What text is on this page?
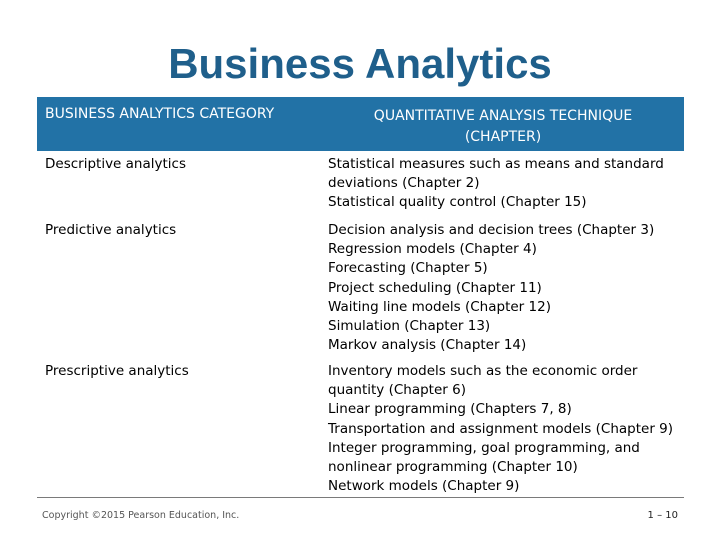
Business Analytics
BUSINESS ANALYTICS CATEGORY	QUANTITATIVE ANALYSIS TECHNIQUE
(CHAPTER)
Descriptive analytics	Statistical measures such as means and standard
deviations (Chapter 2)
Statistical quality control (Chapter 15)
Predictive analytics	Decision analysis and decision trees (Chapter 3)
Regression models (Chapter 4)
Forecasting (Chapter 5)
Project scheduling (Chapter 11)
Waiting line models (Chapter 12)
Simulation (Chapter 13)
Markov analysis (Chapter 14)
Prescriptive analytics	Inventory models such as the economic order
quantity (Chapter 6)
Linear programming (Chapters 7, 8)
Transportation and assignment models (Chapter 9)
Integer programming, goal programming, and
nonlinear programming (Chapter 10)
Network models (Chapter 9)
Copyright ©2015 Pearson Education, Inc.	1 – 10
